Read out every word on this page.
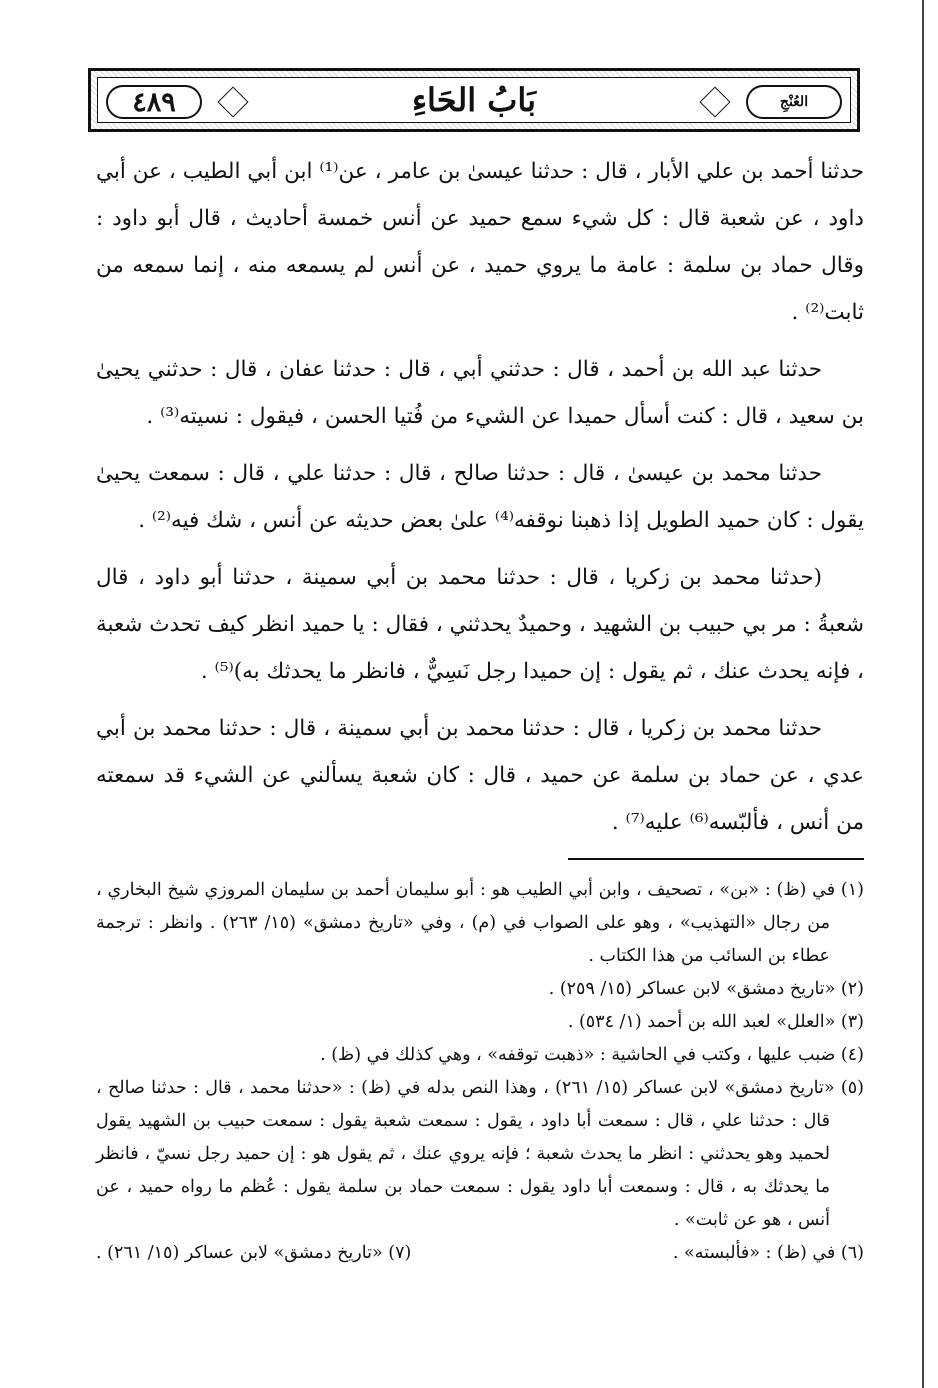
٤٨٩	بَابُ الحَاءِ	العُنْجِ

حدثنا أحمد بن علي الأبار ، قال : حدثنا عيسىٰ بن عامر ، عن⁽¹⁾ ابن أبي الطيب ، عن أبي داود ، عن شعبة قال : كل شيء سمع حميد عن أنس خمسة أحاديث ، قال أبو داود : وقال حماد بن سلمة : عامة ما يروي حميد ، عن أنس لم يسمعه منه ، إنما سمعه من ثابت⁽²⁾ .

حدثنا عبد الله بن أحمد ، قال : حدثني أبي ، قال : حدثنا عفان ، قال : حدثني يحيىٰ بن سعيد ، قال : كنت أسأل حميدا عن الشيء من فُتيا الحسن ، فيقول : نسيته⁽³⁾ .

حدثنا محمد بن عيسىٰ ، قال : حدثنا صالح ، قال : حدثنا علي ، قال : سمعت يحيىٰ يقول : كان حميد الطويل إذا ذهبنا نوقفه⁽⁴⁾ علىٰ بعض حديثه عن أنس ، شك فيه⁽²⁾ .

(حدثنا محمد بن زكريا ، قال : حدثنا محمد بن أبي سمينة ، حدثنا أبو داود ، قال شعبةُ : مر بي حبيب بن الشهيد ، وحميدٌ يحدثني ، فقال : يا حميد انظر كيف تحدث شعبة ، فإنه يحدث عنك ، ثم يقول : إن حميدا رجل نَسِيٌّ ، فانظر ما يحدثك به)⁽⁵⁾ .

حدثنا محمد بن زكريا ، قال : حدثنا محمد بن أبي سمينة ، قال : حدثنا محمد بن أبي عدي ، عن حماد بن سلمة عن حميد ، قال : كان شعبة يسألني عن الشيء قد سمعته من أنس ، فألبّسه⁽⁶⁾ عليه⁽⁷⁾ .

(١) في (ظ) : «بن» ، تصحيف ، وابن أبي الطيب هو : أبو سليمان أحمد بن سليمان المروزي شيخ البخاري ، من رجال «التهذيب» ، وهو على الصواب في (م) ، وفي «تاريخ دمشق» (١٥/ ٢٦٣) . وانظر : ترجمة عطاء بن السائب من هذا الكتاب .

(٢) «تاريخ دمشق» لابن عساكر (١٥/ ٢٥٩) .

(٣) «العلل» لعبد الله بن أحمد (١/ ٥٣٤) .

(٤) ضبب عليها ، وكتب في الحاشية : «ذهبت توقفه» ، وهي كذلك في (ظ) .

(٥) «تاريخ دمشق» لابن عساكر (١٥/ ٢٦١) ، وهذا النص بدله في (ظ) : «حدثنا محمد ، قال : حدثنا صالح ، قال : حدثنا علي ، قال : سمعت أبا داود ، يقول : سمعت شعبة يقول : سمعت حبيب بن الشهيد يقول لحميد وهو يحدثني : انظر ما يحدث شعبة ؛ فإنه يروي عنك ، ثم يقول هو : إن حميد رجل نسيّ ، فانظر ما يحدثك به ، قال : وسمعت أبا داود يقول : سمعت حماد بن سلمة يقول : عُظم ما رواه حميد ، عن أنس ، هو عن ثابت» .

(٦) في (ظ) : «فألبسته» .

(٧) «تاريخ دمشق» لابن عساكر (١٥/ ٢٦١) .
